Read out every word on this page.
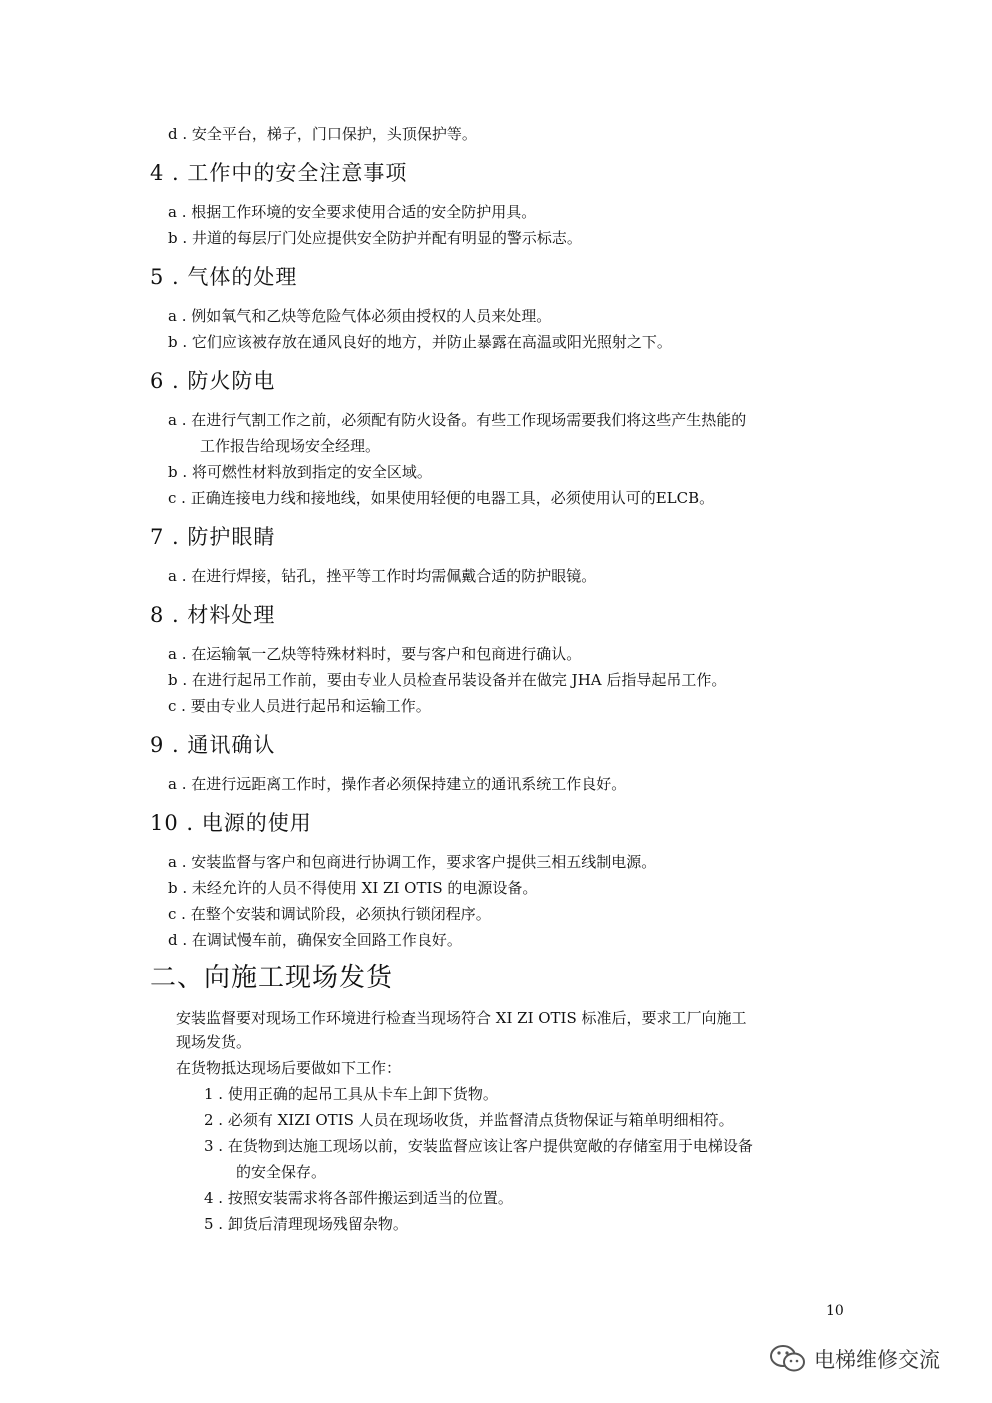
d . 安全平台，梯子，门口保护，头顶保护等。
4 . 工作中的安全注意事项
a . 根据工作环境的安全要求使用合适的安全防护用具。
b . 井道的每层厅门处应提供安全防护并配有明显的警示标志。
5 . 气体的处理
a . 例如氧气和乙炔等危险气体必须由授权的人员来处理。
b . 它们应该被存放在通风良好的地方，并防止暴露在高温或阳光照射之下。
6 . 防火防电
a . 在进行气割工作之前，必须配有防火设备。有些工作现场需要我们将这些产生热能的
工作报告给现场安全经理。
b . 将可燃性材料放到指定的安全区域。
c . 正确连接电力线和接地线，如果使用轻便的电器工具，必须使用认可的ELCB。
7 . 防护眼睛
a . 在进行焊接，钻孔，挫平等工作时均需佩戴合适的防护眼镜。
8 . 材料处理
a . 在运输氧一乙炔等特殊材料时，要与客户和包商进行确认。
b . 在进行起吊工作前，要由专业人员检查吊装设备并在做完 JHA 后指导起吊工作。
c . 要由专业人员进行起吊和运输工作。
9 . 通讯确认
a . 在进行远距离工作时，操作者必须保持建立的通讯系统工作良好。
10 . 电源的使用
a . 安装监督与客户和包商进行协调工作，要求客户提供三相五线制电源。
b . 未经允许的人员不得使用 XI ZI OTIS 的电源设备。
c . 在整个安装和调试阶段，必须执行锁闭程序。
d . 在调试慢车前，确保安全回路工作良好。
二、向施工现场发货
安装监督要对现场工作环境进行检查当现场符合 XI ZI OTIS 标准后，要求工厂向施工
现场发货。
在货物抵达现场后要做如下工作：
1 . 使用正确的起吊工具从卡车上卸下货物。
2 . 必须有 XIZI OTIS 人员在现场收货，并监督清点货物保证与箱单明细相符。
3 . 在货物到达施工现场以前，安装监督应该让客户提供宽敞的存储室用于电梯设备
的安全保存。
4 . 按照安装需求将各部件搬运到适当的位置。
5 . 卸货后清理现场残留杂物。
10
电梯维修交流
